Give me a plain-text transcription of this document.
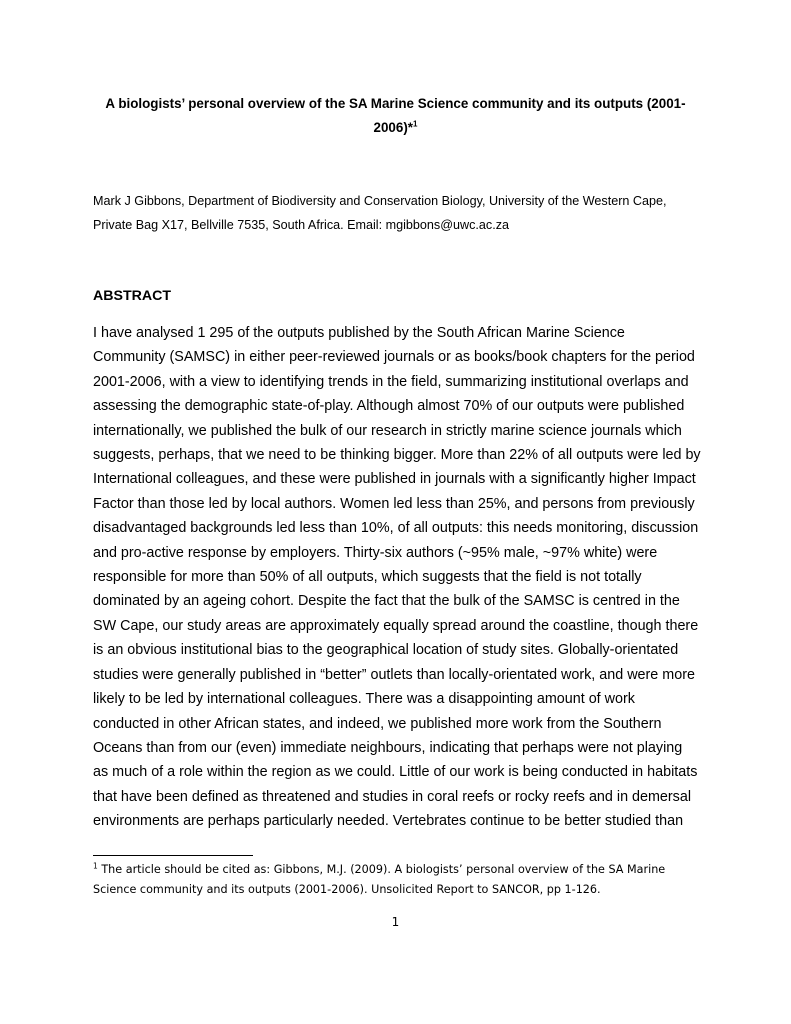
A biologists’ personal overview of the SA Marine Science community and its outputs (2001-2006)*$^1$
Mark J Gibbons, Department of Biodiversity and Conservation Biology, University of the Western Cape, Private Bag X17, Bellville 7535, South Africa. Email: mgibbons@uwc.ac.za
ABSTRACT
I have analysed 1 295 of the outputs published by the South African Marine Science Community (SAMSC) in either peer-reviewed journals or as books/book chapters for the period 2001-2006, with a view to identifying trends in the field, summarizing institutional overlaps and assessing the demographic state-of-play. Although almost 70% of our outputs were published internationally, we published the bulk of our research in strictly marine science journals which suggests, perhaps, that we need to be thinking bigger. More than 22% of all outputs were led by International colleagues, and these were published in journals with a significantly higher Impact Factor than those led by local authors. Women led less than 25%, and persons from previously disadvantaged backgrounds led less than 10%, of all outputs: this needs monitoring, discussion and pro-active response by employers. Thirty-six authors (~95% male, ~97% white) were responsible for more than 50% of all outputs, which suggests that the field is not totally dominated by an ageing cohort. Despite the fact that the bulk of the SAMSC is centred in the SW Cape, our study areas are approximately equally spread around the coastline, though there is an obvious institutional bias to the geographical location of study sites. Globally-orientated studies were generally published in “better” outlets than locally-orientated work, and were more likely to be led by international colleagues. There was a disappointing amount of work conducted in other African states, and indeed, we published more work from the Southern Oceans than from our (even) immediate neighbours, indicating that perhaps were not playing as much of a role within the region as we could. Little of our work is being conducted in habitats that have been defined as threatened and studies in coral reefs or rocky reefs and in demersal environments are perhaps particularly needed. Vertebrates continue to be better studied than
$^1$ The article should be cited as: Gibbons, M.J. (2009). A biologists’ personal overview of the SA Marine Science community and its outputs (2001-2006). Unsolicited Report to SANCOR, pp 1-126.
1
